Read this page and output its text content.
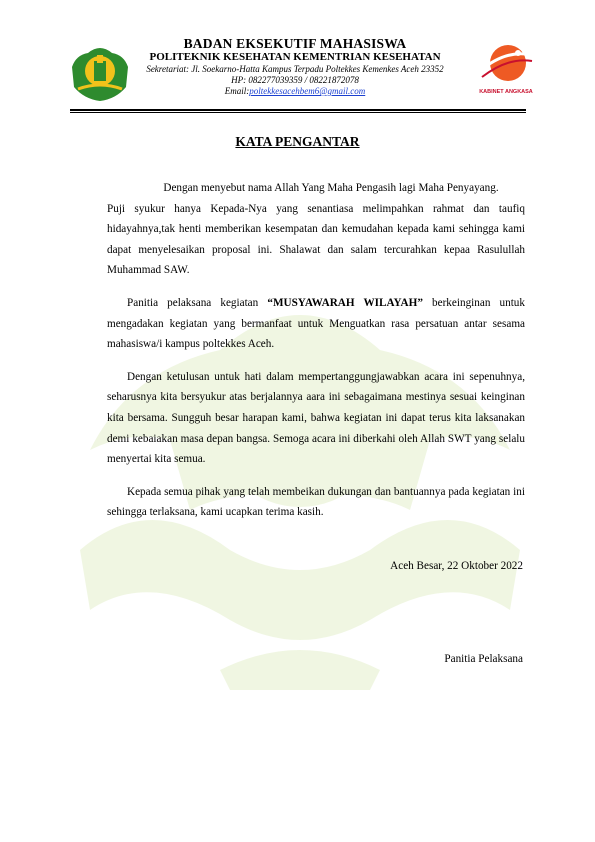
BADAN EKSEKUTIF MAHASISWA
POLITEKNIK KESEHATAN KEMENTRIAN KESEHATAN
Sekretariat: Jl. Soekarno-Hatta Kampus Terpadu Poltekkes Kemenkes Aceh 23352
HP: 082277039359 / 08221872078
Email:poltekkesacehbem6@gmail.com	KABINET ANGKASA
KATA PENGANTAR

Dengan menyebut nama Allah Yang Maha Pengasih lagi Maha Penyayang.

Puji syukur hanya Kepada-Nya yang senantiasa melimpahkan rahmat dan taufiq hidayahnya,tak henti memberikan kesempatan dan kemudahan kepada kami sehingga kami dapat menyelesaikan proposal ini. Shalawat dan salam tercurahkan kepaa Rasulullah Muhammad SAW.

Panitia pelaksana kegiatan “MUSYAWARAH WILAYAH” berkeinginan untuk mengadakan kegiatan yang bermanfaat untuk Menguatkan rasa persatuan antar sesama mahasiswa/i kampus poltekkes Aceh.

Dengan ketulusan untuk hati dalam mempertanggungjawabkan acara ini sepenuhnya, seharusnya kita bersyukur atas berjalannya aara ini sebagaimana mestinya sesuai keinginan kita bersama. Sungguh besar harapan kami, bahwa kegiatan ini dapat terus kita laksanakan demi kebaiakan masa depan bangsa. Semoga acara ini diberkahi oleh Allah SWT yang selalu menyertai kita semua.

Kepada semua pihak yang telah membeikan dukungan dan bantuannya pada kegiatan ini sehingga terlaksana, kami ucapkan terima kasih.

Aceh Besar, 22 Oktober 2022
Panitia Pelaksana
